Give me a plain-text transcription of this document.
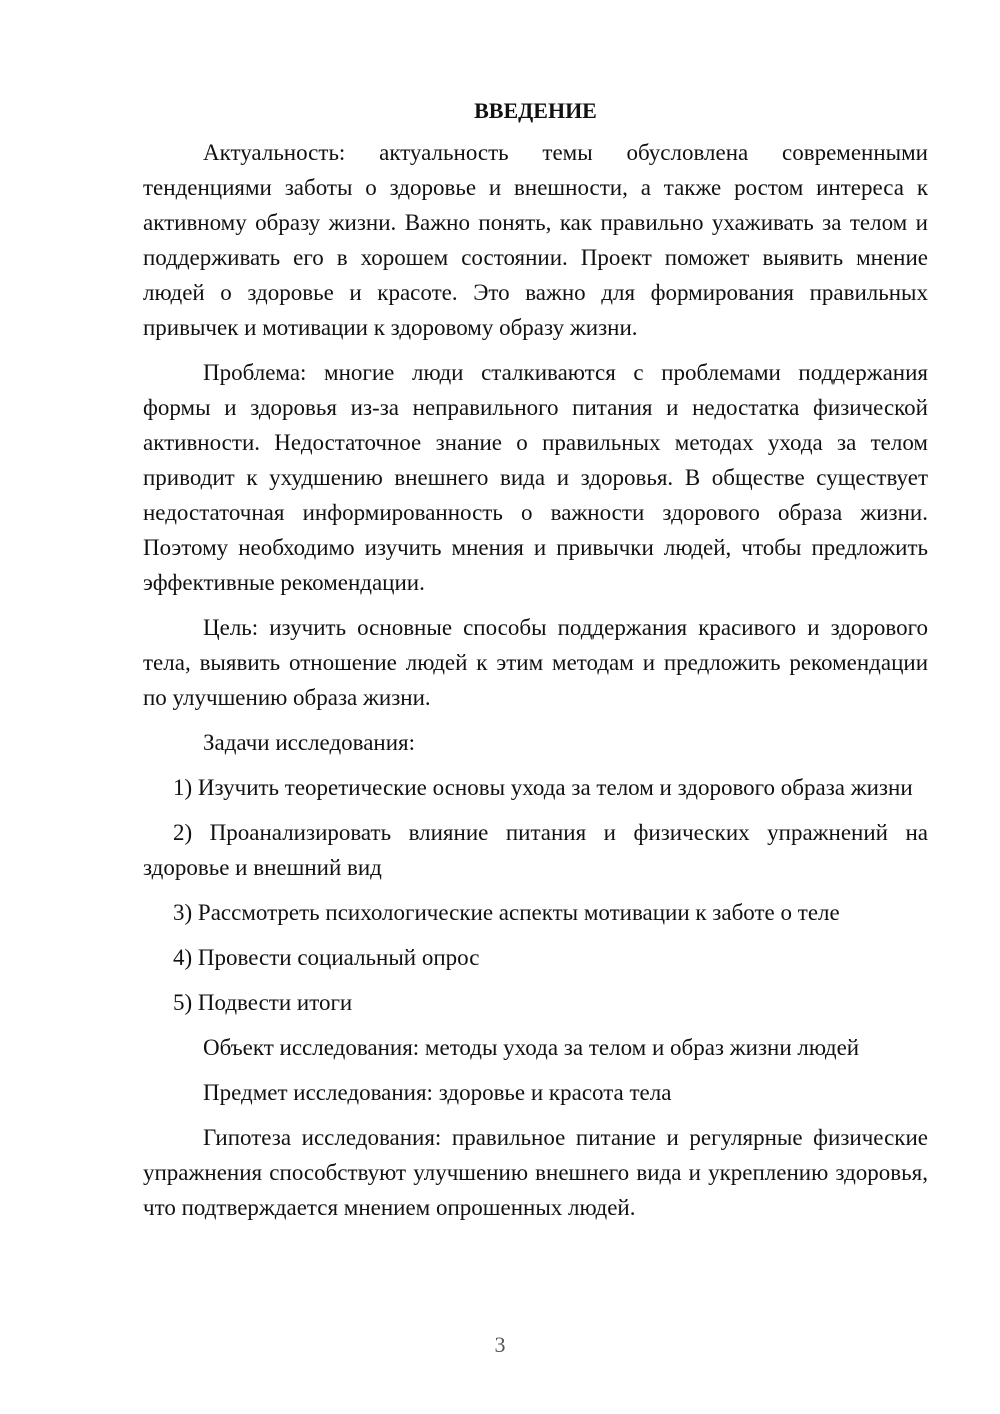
ВВЕДЕНИЕ

Актуальность: актуальность темы обусловлена современными тенденциями заботы о здоровье и внешности, а также ростом интереса к активному образу жизни. Важно понять, как правильно ухаживать за телом и поддерживать его в хорошем состоянии. Проект поможет выявить мнение людей о здоровье и красоте. Это важно для формирования правильных привычек и мотивации к здоровому образу жизни.

Проблема: многие люди сталкиваются с проблемами поддержания формы и здоровья из-за неправильного питания и недостатка физической активности. Недостаточное знание о правильных методах ухода за телом приводит к ухудшению внешнего вида и здоровья. В обществе существует недостаточная информированность о важности здорового образа жизни. Поэтому необходимо изучить мнения и привычки людей, чтобы предложить эффективные рекомендации.

Цель: изучить основные способы поддержания красивого и здорового тела, выявить отношение людей к этим методам и предложить рекомендации по улучшению образа жизни.

Задачи исследования:

1) Изучить теоретические основы ухода за телом и здорового образа жизни

2) Проанализировать влияние питания и физических упражнений на здоровье и внешний вид

3) Рассмотреть психологические аспекты мотивации к заботе о теле

4) Провести социальный опрос

5) Подвести итоги

Объект исследования: методы ухода за телом и образ жизни людей

Предмет исследования: здоровье и красота тела

Гипотеза исследования: правильное питание и регулярные физические упражнения способствуют улучшению внешнего вида и укреплению здоровья, что подтверждается мнением опрошенных людей.

3
